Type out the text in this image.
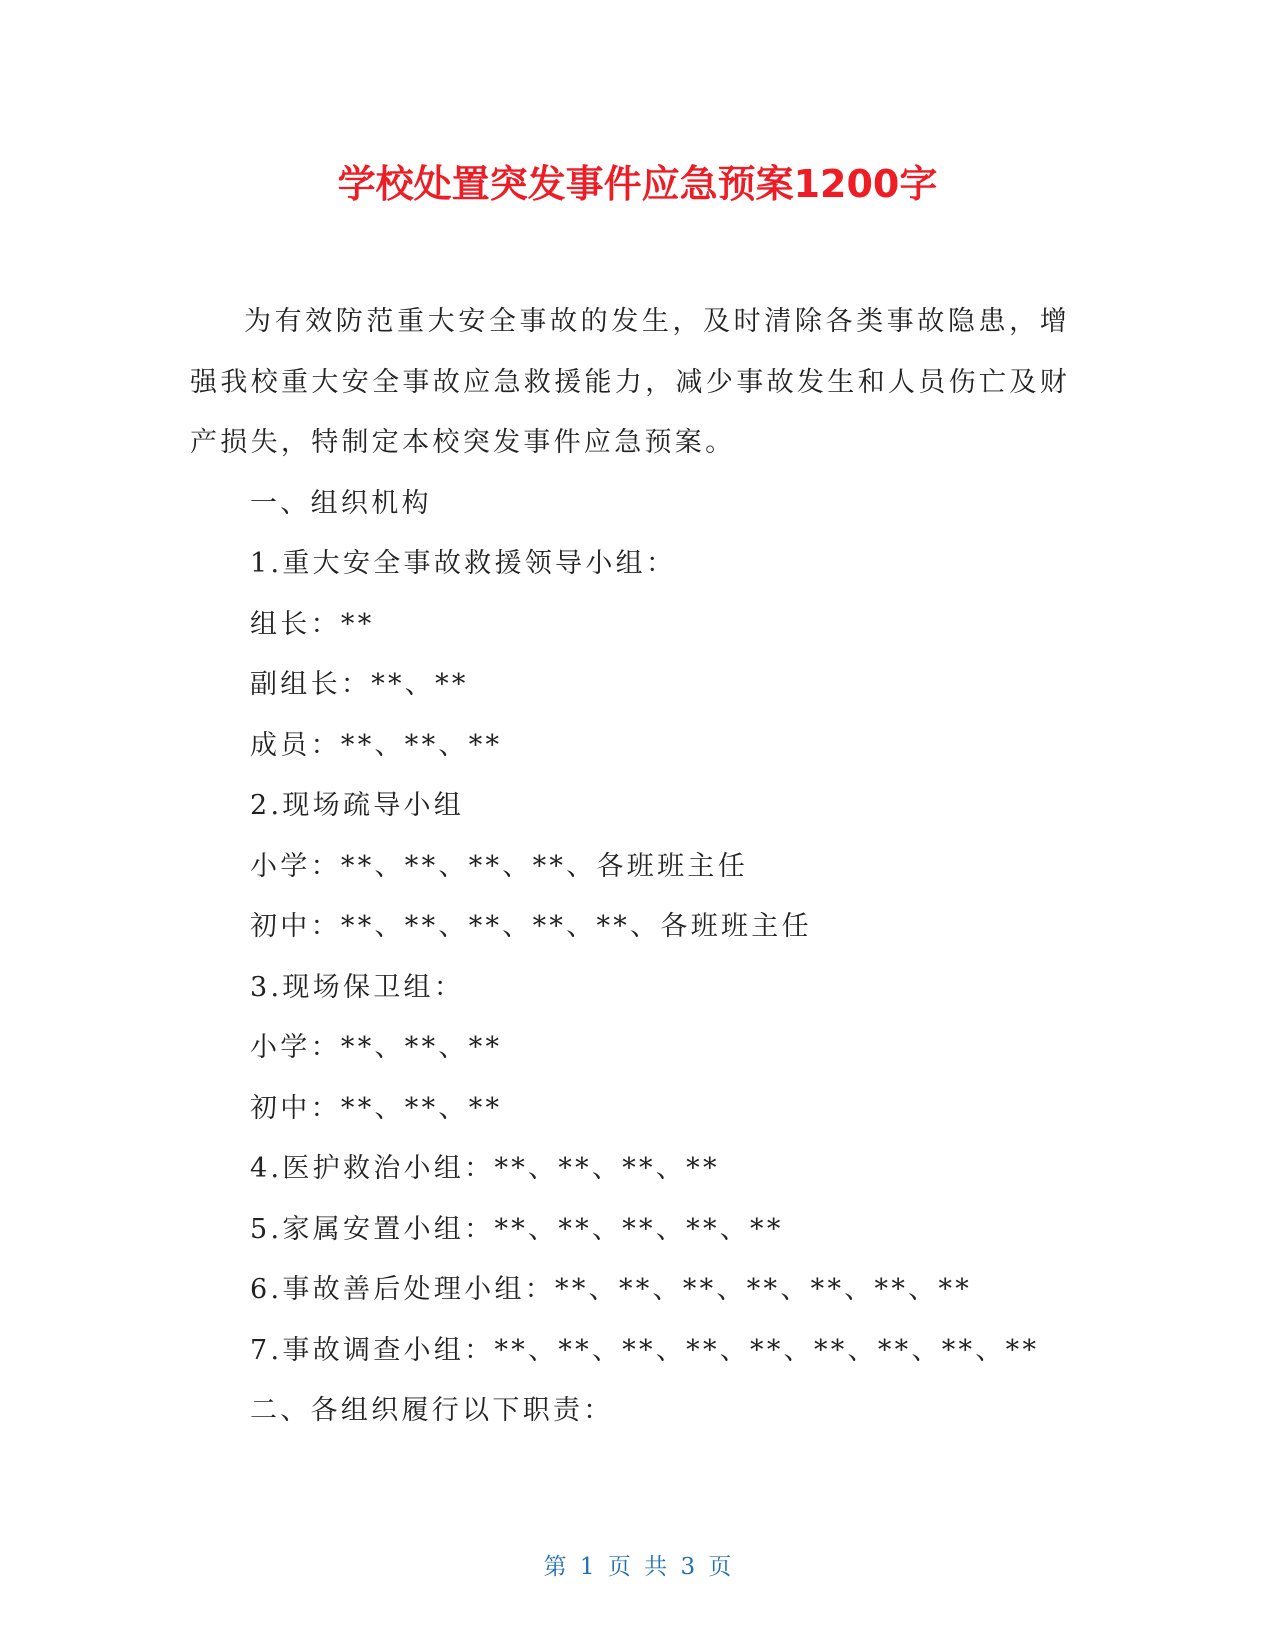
学校处置突发事件应急预案1200字

为有效防范重大安全事故的发生，及时清除各类事故隐患，增强我校重大安全事故应急救援能力，减少事故发生和人员伤亡及财产损失，特制定本校突发事件应急预案。

一、组织机构

1.重大安全事故救援领导小组：

组长：**

副组长：**、**

成员：**、**、**

2.现场疏导小组

小学：**、**、**、**、各班班主任

初中：**、**、**、**、**、各班班主任

3.现场保卫组：

小学：**、**、**

初中：**、**、**

4.医护救治小组：**、**、**、**

5.家属安置小组：**、**、**、**、**

6.事故善后处理小组：**、**、**、**、**、**、**

7.事故调查小组：**、**、**、**、**、**、**、**、**

二、各组织履行以下职责：

第 1 页 共 3 页
